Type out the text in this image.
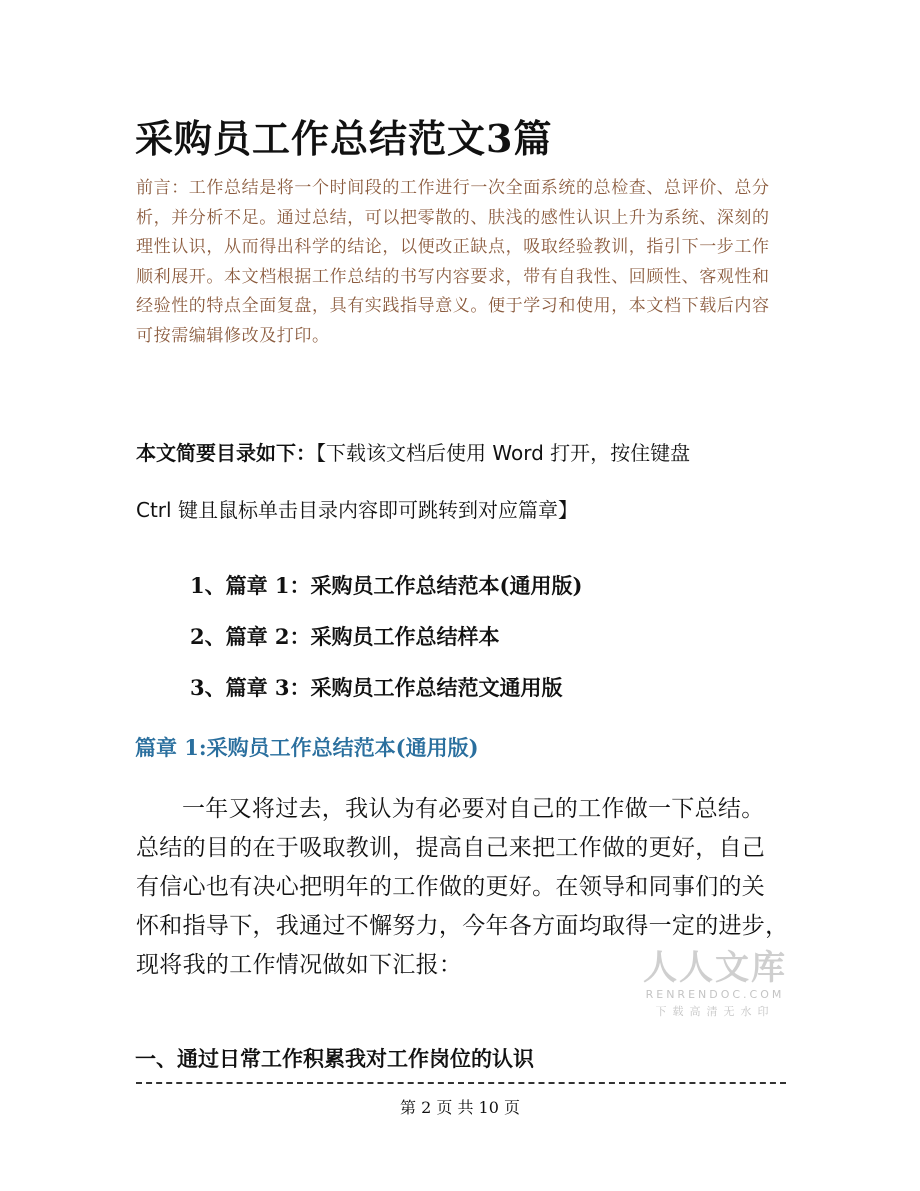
采购员工作总结范文3篇
前言：工作总结是将一个时间段的工作进行一次全面系统的总检查、总评价、总分
析，并分析不足。通过总结，可以把零散的、肤浅的感性认识上升为系统、深刻的
理性认识，从而得出科学的结论，以便改正缺点，吸取经验教训，指引下一步工作
顺利展开。本文档根据工作总结的书写内容要求，带有自我性、回顾性、客观性和
经验性的特点全面复盘，具有实践指导意义。便于学习和使用，本文档下载后内容
可按需编辑修改及打印。
本文简要目录如下：【下载该文档后使用 Word 打开，按住键盘
Ctrl 键且鼠标单击目录内容即可跳转到对应篇章】
1、篇章 1：采购员工作总结范本(通用版)
2、篇章 2：采购员工作总结样本
3、篇章 3：采购员工作总结范文通用版
篇章 1:采购员工作总结范本(通用版)
一年又将过去，我认为有必要对自己的工作做一下总结。
总结的目的在于吸取教训，提高自己来把工作做的更好，自己
有信心也有决心把明年的工作做的更好。在领导和同事们的关
怀和指导下，我通过不懈努力，今年各方面均取得一定的进步，
现将我的工作情况做如下汇报：
一、通过日常工作积累我对工作岗位的认识
第 2 页 共 10 页
人人文库
RENRENDOC.COM
下载高清无水印
